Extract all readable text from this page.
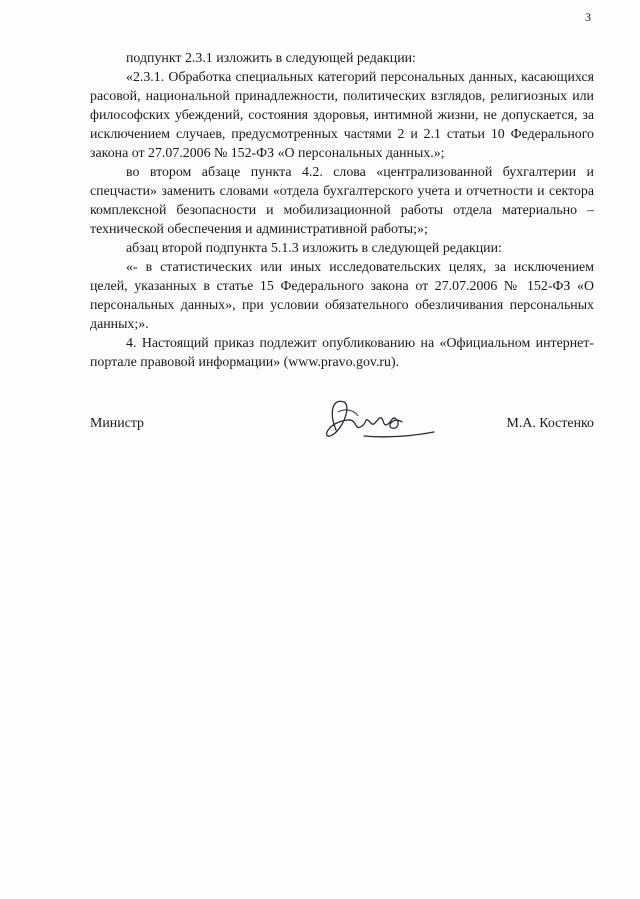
3

подпункт 2.3.1 изложить в следующей редакции:

«2.3.1. Обработка специальных категорий персональных данных, касающихся расовой, национальной принадлежности, политических взглядов, религиозных или философских убеждений, состояния здоровья, интимной жизни, не допускается, за исключением случаев, предусмотренных частями 2 и 2.1 статьи 10 Федерального закона от 27.07.2006 № 152-ФЗ «О персональных данных.»;

во втором абзаце пункта 4.2. слова «централизованной бухгалтерии и спецчасти» заменить словами «отдела бухгалтерского учета и отчетности и сектора комплексной безопасности и мобилизационной работы отдела материально – технической обеспечения и административной работы;»;

абзац второй подпункта 5.1.3 изложить в следующей редакции:

«- в статистических или иных исследовательских целях, за исключением целей, указанных в статье 15 Федерального закона от 27.07.2006 № 152-ФЗ «О персональных данных», при условии обязательного обезличивания персональных данных;».

4. Настоящий приказ подлежит опубликованию на «Официальном интернет-портале правовой информации» (www.pravo.gov.ru).

Министр	М.А. Костенко
